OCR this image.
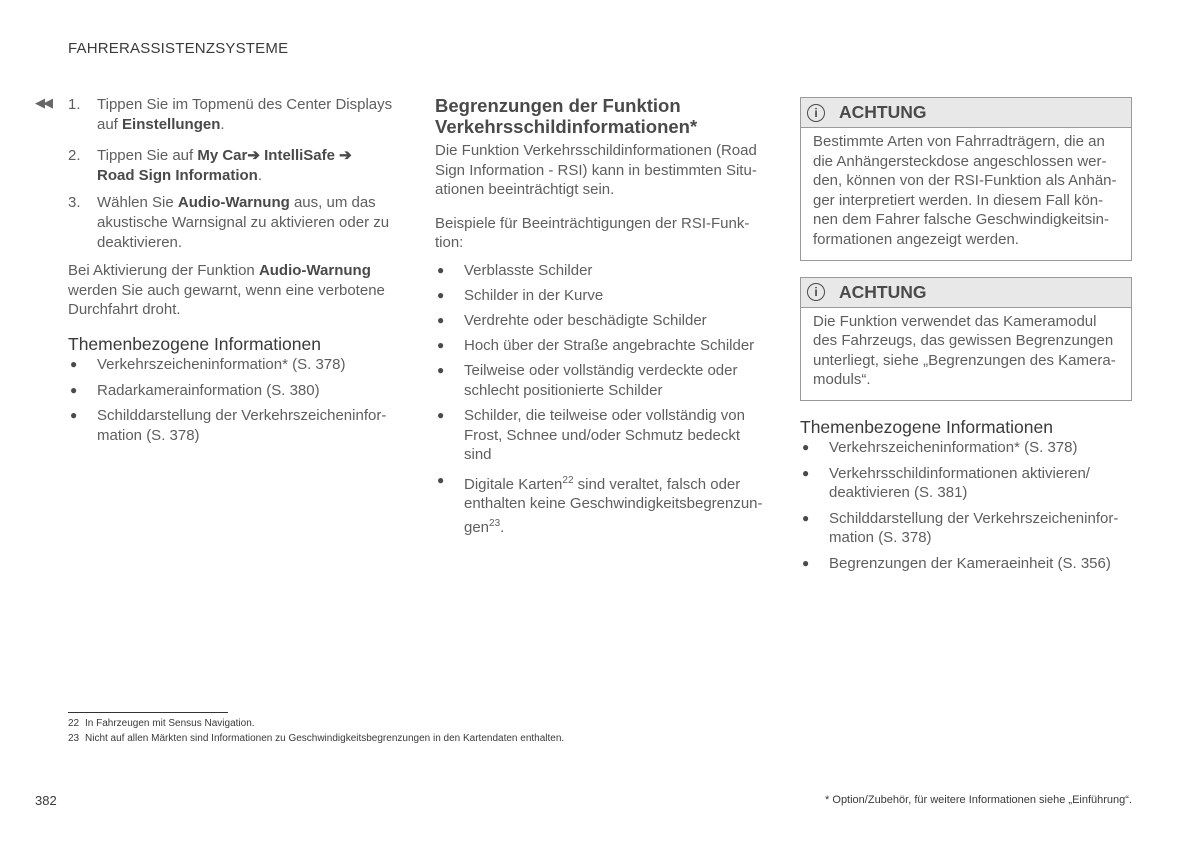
FAHRERASSISTENZSYSTEME
◀◀ 1. Tippen Sie im Topmenü des Center Displays auf Einstellungen.
2. Tippen Sie auf My Car➔ IntelliSafe ➔
Road Sign Information.
3. Wählen Sie Audio-Warnung aus, um das akustische Warnsignal zu aktivieren oder zu deaktivieren.

Bei Aktivierung der Funktion Audio-Warnung werden Sie auch gewarnt, wenn eine verbotene Durchfahrt droht.

Themenbezogene Informationen
● Verkehrszeicheninformation* (S. 378)
● Radarkamerainformation (S. 380)
● Schilddarstellung der Verkehrszeicheninformation (S. 378)
Begrenzungen der Funktion Verkehrsschildinformationen*

Die Funktion Verkehrsschildinformationen (Road Sign Information - RSI) kann in bestimmten Situationen beeinträchtigt sein.

Beispiele für Beeinträchtigungen der RSI-Funktion:

● Verblasste Schilder
● Schilder in der Kurve
● Verdrehte oder beschädigte Schilder
● Hoch über der Straße angebrachte Schilder
● Teilweise oder vollständig verdeckte oder schlecht positionierte Schilder
● Schilder, die teilweise oder vollständig von Frost, Schnee und/oder Schmutz bedeckt sind
● Digitale Karten$^{22}$ sind veraltet, falsch oder enthalten keine Geschwindigkeitsbegrenzungen$^{23}$.
i	ACHTUNG
Bestimmte Arten von Fahrradträgern, die an die Anhängersteckdose angeschlossen werden, können von der RSI-Funktion als Anhänger interpretiert werden. In diesem Fall können dem Fahrer falsche Geschwindigkeitsinformationen angezeigt werden.
i	ACHTUNG
Die Funktion verwendet das Kameramodul des Fahrzeugs, das gewissen Begrenzungen unterliegt, siehe „Begrenzungen des Kameramoduls“.
Themenbezogene Informationen
● Verkehrszeicheninformation* (S. 378)
● Verkehrsschildinformationen aktivieren/ deaktivieren (S. 381)
● Schilddarstellung der Verkehrszeicheninformation (S. 378)
● Begrenzungen der Kameraeinheit (S. 356)
22 In Fahrzeugen mit Sensus Navigation.
23 Nicht auf allen Märkten sind Informationen zu Geschwindigkeitsbegrenzungen in den Kartendaten enthalten.
382	* Option/Zubehör, für weitere Informationen siehe „Einführung“.
